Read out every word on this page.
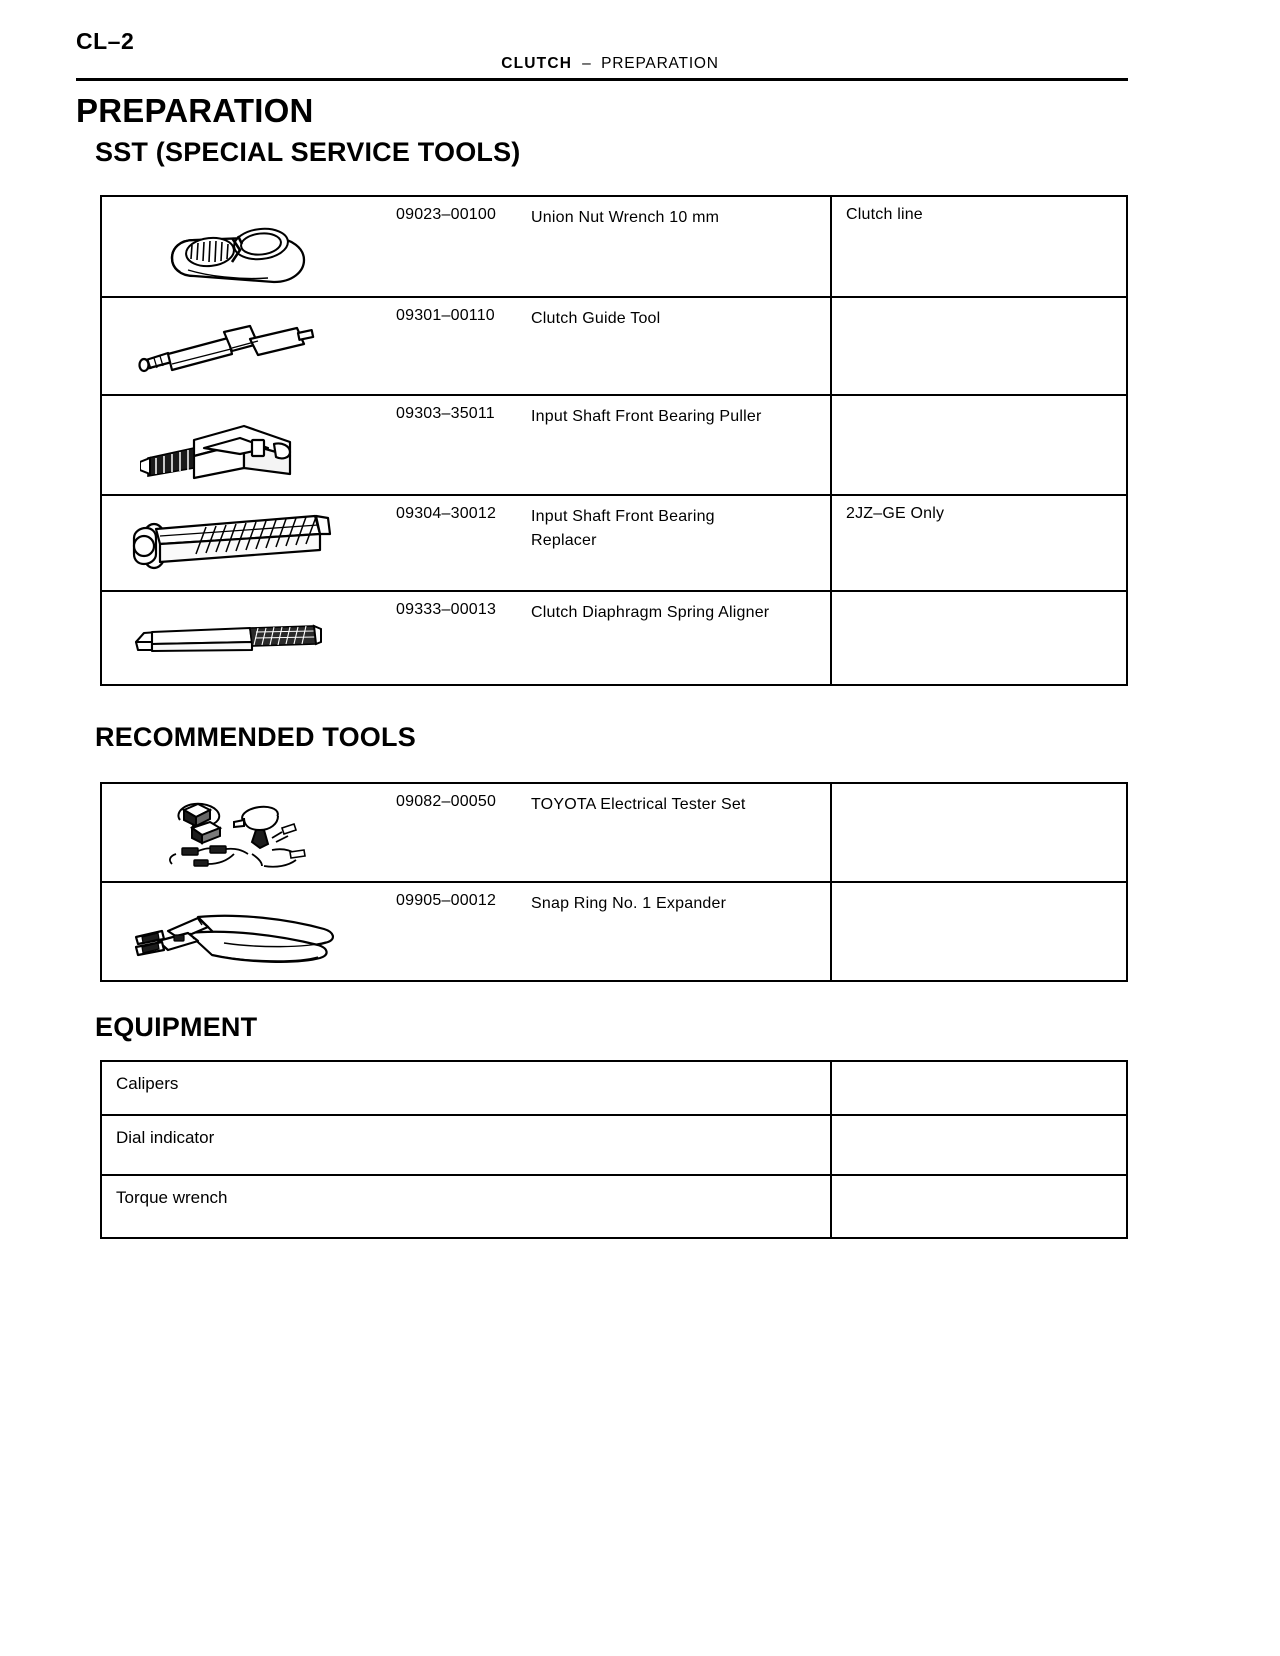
CL–2
CLUTCH – PREPARATION
PREPARATION
SST (SPECIAL SERVICE TOOLS)
RECOMMENDED TOOLS
EQUIPMENT
09023–00100 Union Nut Wrench 10 mm	Clutch line
09301–00110 Clutch Guide Tool
09303–35011 Input Shaft Front Bearing Puller
09304–30012 Input Shaft Front Bearing
Replacer
2JZ–GE Only
09333–00013 Clutch Diaphragm Spring Aligner
09082–00050 TOYOTA Electrical Tester Set
09905–00012 Snap Ring No. 1 Expander
Calipers
Dial indicator
Torque wrench
